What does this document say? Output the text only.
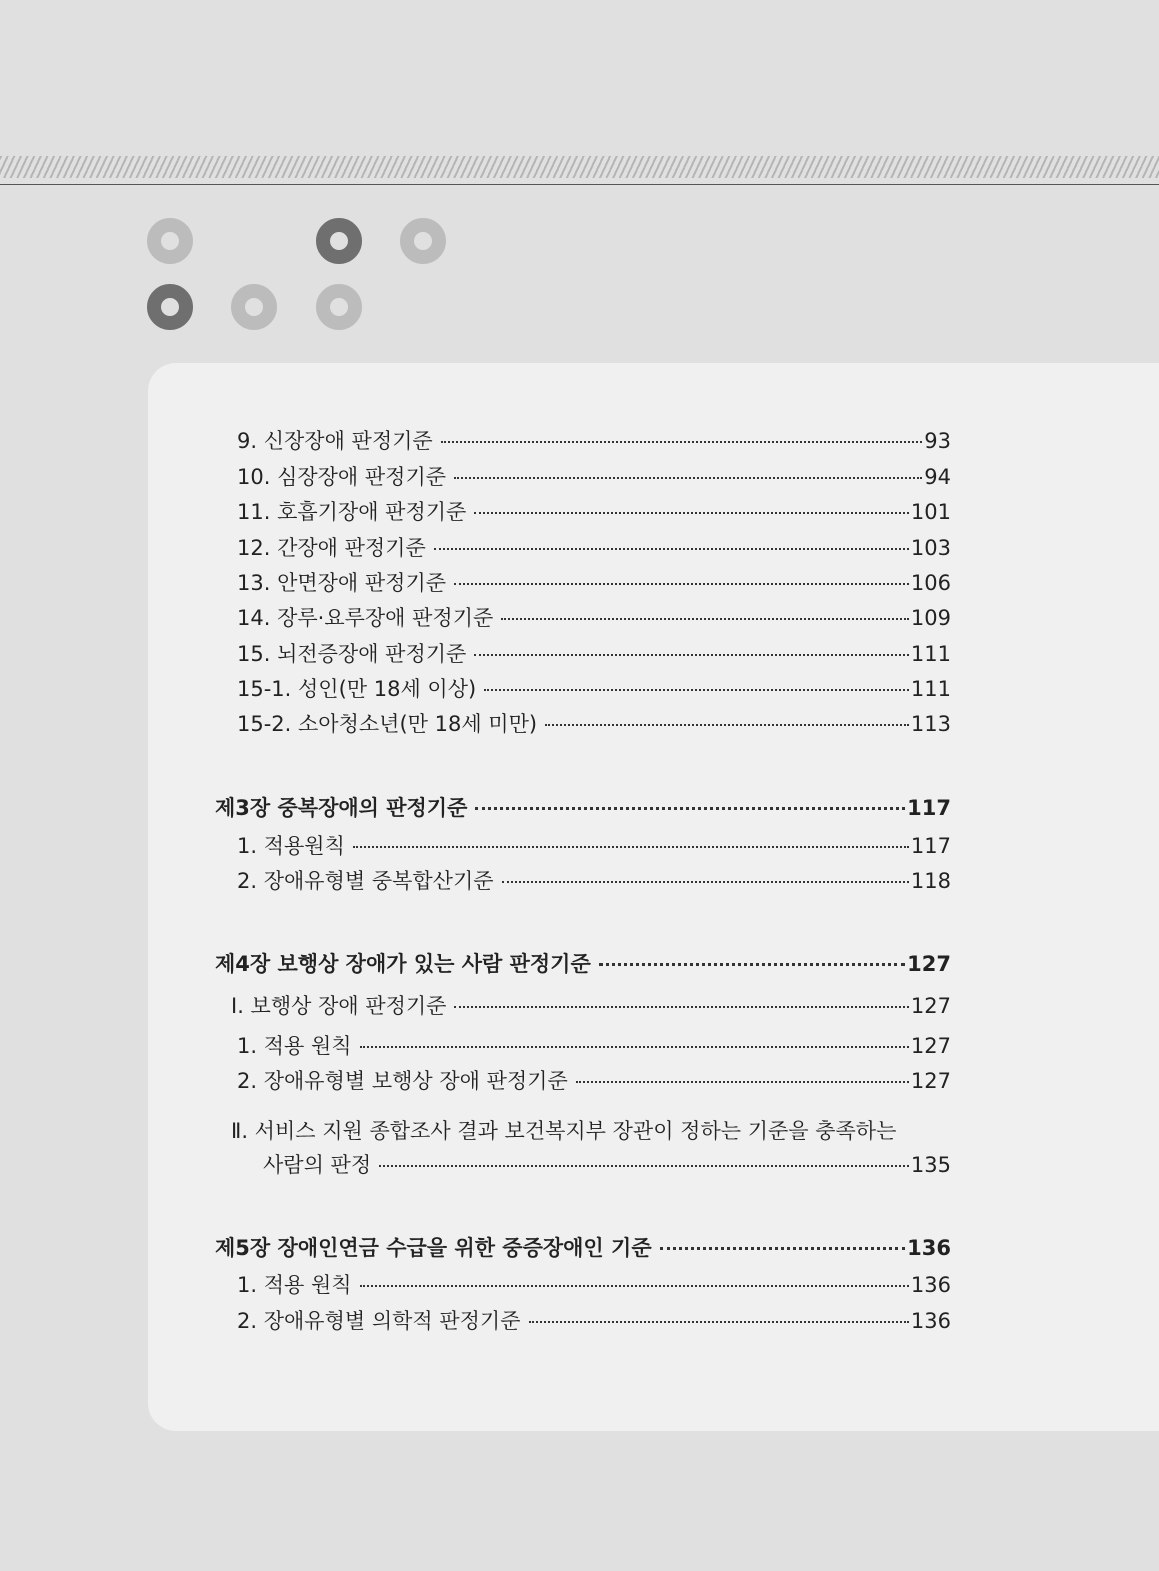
9. 신장장애 판정기준	93
10. 심장장애 판정기준	94
11. 호흡기장애 판정기준	101
12. 간장애 판정기준	103
13. 안면장애 판정기준	106
14. 장루·요루장애 판정기준	109
15. 뇌전증장애 판정기준	111
15-1. 성인(만 18세 이상)	111
15-2. 소아청소년(만 18세 미만)	113
제3장 중복장애의 판정기준	117
1. 적용원칙	117
2. 장애유형별 중복합산기준	118
제4장 보행상 장애가 있는 사람 판정기준	127
Ⅰ. 보행상 장애 판정기준	127
1. 적용 원칙	127
2. 장애유형별 보행상 장애 판정기준	127
Ⅱ. 서비스 지원 종합조사 결과 보건복지부 장관이 정하는 기준을 충족하는
사람의 판정	135
제5장 장애인연금 수급을 위한 중증장애인 기준	136
1. 적용 원칙	136
2. 장애유형별 의학적 판정기준	136
